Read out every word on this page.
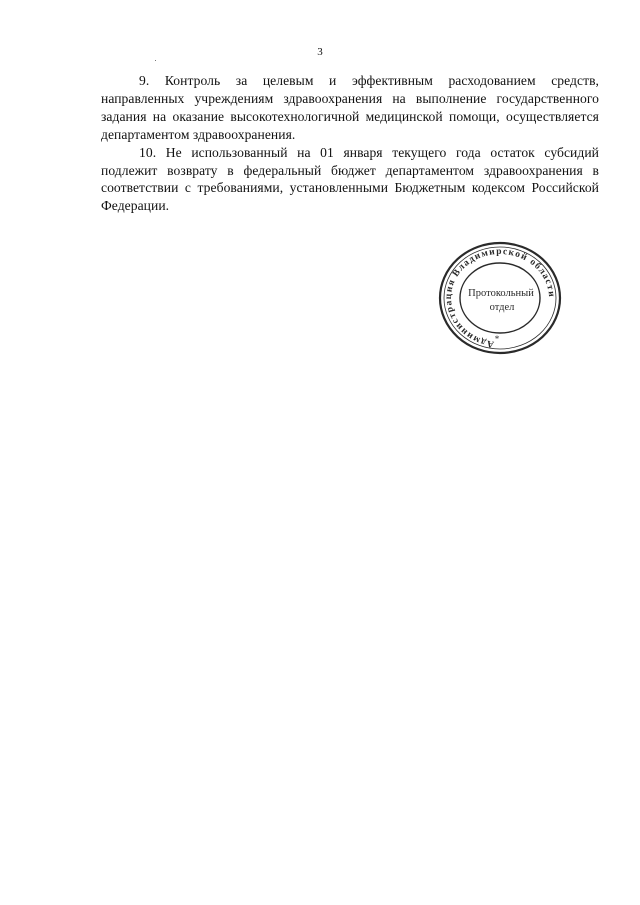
3

9. Контроль за целевым и эффективным расходованием средств, направленных учреждениям здравоохранения на выполнение государственного задания на оказание высокотехнологичной медицинской помощи, осуществляется департаментом здравоохранения.

10. Не использованный на 01 января текущего года остаток субсидий подлежит возврату в федеральный бюджет департаментом здравоохранения в соответствии с требованиями, установленными Бюджетным кодексом Российской Федерации.

Администрация Владимирской области
*
Протокольный
отдел
